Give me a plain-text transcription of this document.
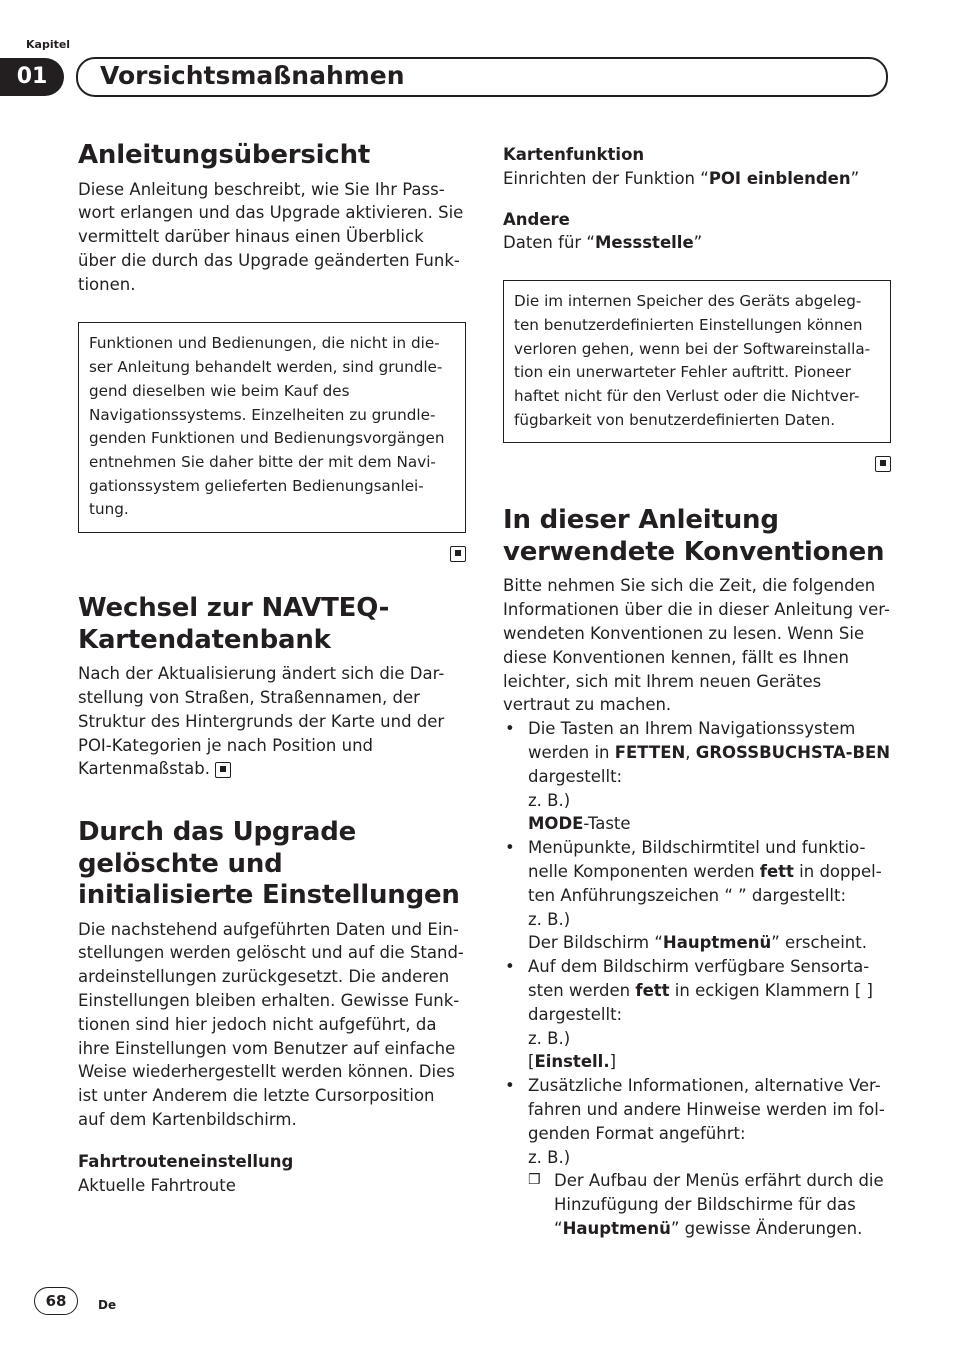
Kapitel
01	Vorsichtsmaßnahmen
Anleitungsübersicht

Diese Anleitung beschreibt, wie Sie Ihr Pass-wort erlangen und das Upgrade aktivieren. Sie vermittelt darüber hinaus einen Überblick über die durch das Upgrade geänderten Funk-tionen.

Funktionen und Bedienungen, die nicht in die-ser Anleitung behandelt werden, sind grundle-gend dieselben wie beim Kauf des Navigationssystems. Einzelheiten zu grundle-genden Funktionen und Bedienungsvorgängen entnehmen Sie daher bitte der mit dem Navi-gationssystem gelieferten Bedienungsanlei-tung.
Wechsel zur NAVTEQ-Kartendatenbank

Nach der Aktualisierung ändert sich die Dar-stellung von Straßen, Straßennamen, der Struktur des Hintergrunds der Karte und der POI-Kategorien je nach Position und Kartenmaßstab.

Durch das Upgrade gelöschte und initialisierte Einstellungen

Die nachstehend aufgeführten Daten und Ein-stellungen werden gelöscht und auf die Stand-ardeinstellungen zurückgesetzt. Die anderen Einstellungen bleiben erhalten. Gewisse Funk-tionen sind hier jedoch nicht aufgeführt, da ihre Einstellungen vom Benutzer auf einfache Weise wiederhergestellt werden können. Dies ist unter Anderem die letzte Cursorposition auf dem Kartenbildschirm.

Fahrtrouteneinstellung

Aktuelle Fahrtroute

Kartenfunktion

Einrichten der Funktion “POI einblenden”

Andere

Daten für “Messstelle”

Die im internen Speicher des Geräts abgeleg-ten benutzerdefinierten Einstellungen können verloren gehen, wenn bei der Softwareinstalla-tion ein unerwarteter Fehler auftritt. Pioneer haftet nicht für den Verlust oder die Nichtver-fügbarkeit von benutzerdefinierten Daten.
In dieser Anleitung verwendete Konventionen

Bitte nehmen Sie sich die Zeit, die folgenden Informationen über die in dieser Anleitung ver-wendeten Konventionen zu lesen. Wenn Sie diese Konventionen kennen, fällt es Ihnen leichter, sich mit Ihrem neuen Gerätes vertraut zu machen.

• Die Tasten an Ihrem Navigationssystem werden in FETTEN, GROSSBUCHSTA-BEN dargestellt:
z. B.)
MODE-Taste
• Menüpunkte, Bildschirmtitel und funktio-nelle Komponenten werden fett in doppel-ten Anführungszeichen “ ” dargestellt:
z. B.)
Der Bildschirm “Hauptmenü” erscheint.
• Auf dem Bildschirm verfügbare Sensorta-sten werden fett in eckigen Klammern [ ] dargestellt:
z. B.)
[Einstell.]
• Zusätzliche Informationen, alternative Ver-fahren und andere Hinweise werden im fol-genden Format angeführt:
z. B.)
❒ Der Aufbau der Menüs erfährt durch die Hinzufügung der Bildschirme für das “Hauptmenü” gewisse Änderungen.
68	De
